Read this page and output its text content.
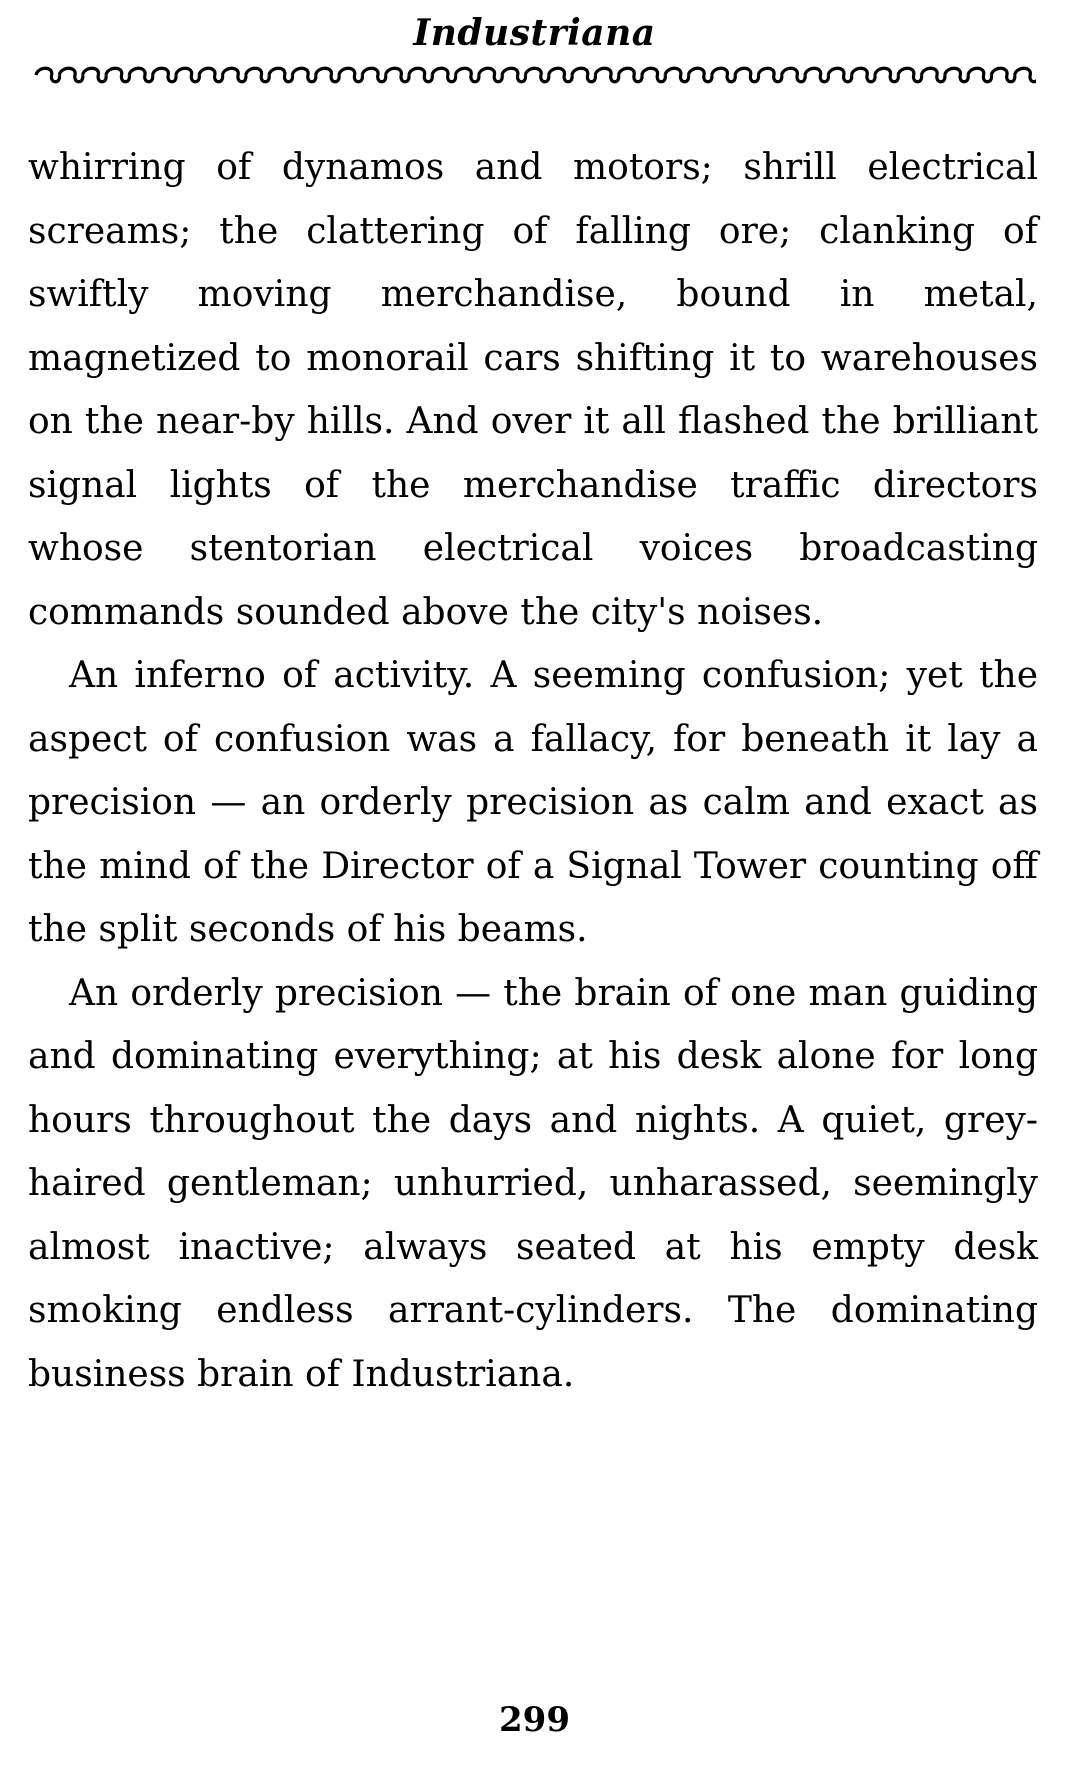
Industriana

whirring of dynamos and motors; shrill electrical screams; the clattering of falling ore; clanking of swiftly moving merchandise, bound in metal, magnetized to monorail cars shifting it to warehouses on the near-by hills. And over it all flashed the brilliant signal lights of the merchandise traffic directors whose stentorian electrical voices broadcasting commands sounded above the city's noises.

An inferno of activity. A seeming confusion; yet the aspect of confusion was a fallacy, for beneath it lay a precision — an orderly precision as calm and exact as the mind of the Director of a Signal Tower counting off the split seconds of his beams.

An orderly precision — the brain of one man guiding and dominating everything; at his desk alone for long hours throughout the days and nights. A quiet, grey-haired gentleman; unhurried, unharassed, seemingly almost inactive; always seated at his empty desk smoking endless arrant-cylinders. The dominating business brain of Industriana.

299
